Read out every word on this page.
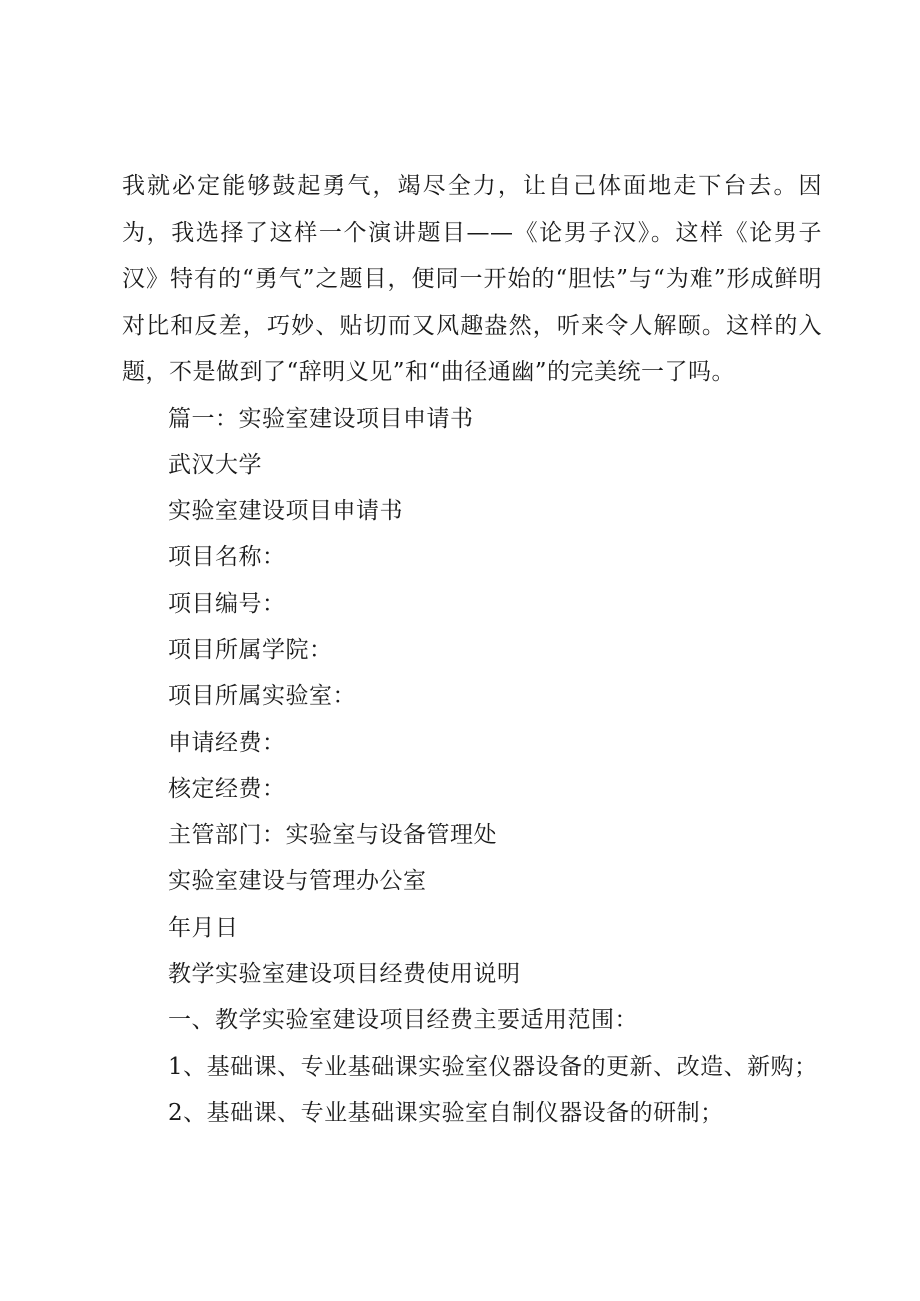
我就必定能够鼓起勇气，竭尽全力，让自己体面地走下台去。因为，我选择了这样一个演讲题目——《论男子汉》。这样《论男子汉》特有的“勇气”之题目，便同一开始的“胆怯”与“为难”形成鲜明对比和反差，巧妙、贴切而又风趣盎然，听来令人解颐。这样的入题，不是做到了“辞明义见”和“曲径通幽”的完美统一了吗。

篇一：实验室建设项目申请书

武汉大学

实验室建设项目申请书

项目名称：

项目编号：

项目所属学院：

项目所属实验室：

申请经费：

核定经费：

主管部门：实验室与设备管理处

实验室建设与管理办公室

年月日

教学实验室建设项目经费使用说明

一、教学实验室建设项目经费主要适用范围：

1、基础课、专业基础课实验室仪器设备的更新、改造、新购；

2、基础课、专业基础课实验室自制仪器设备的研制；
